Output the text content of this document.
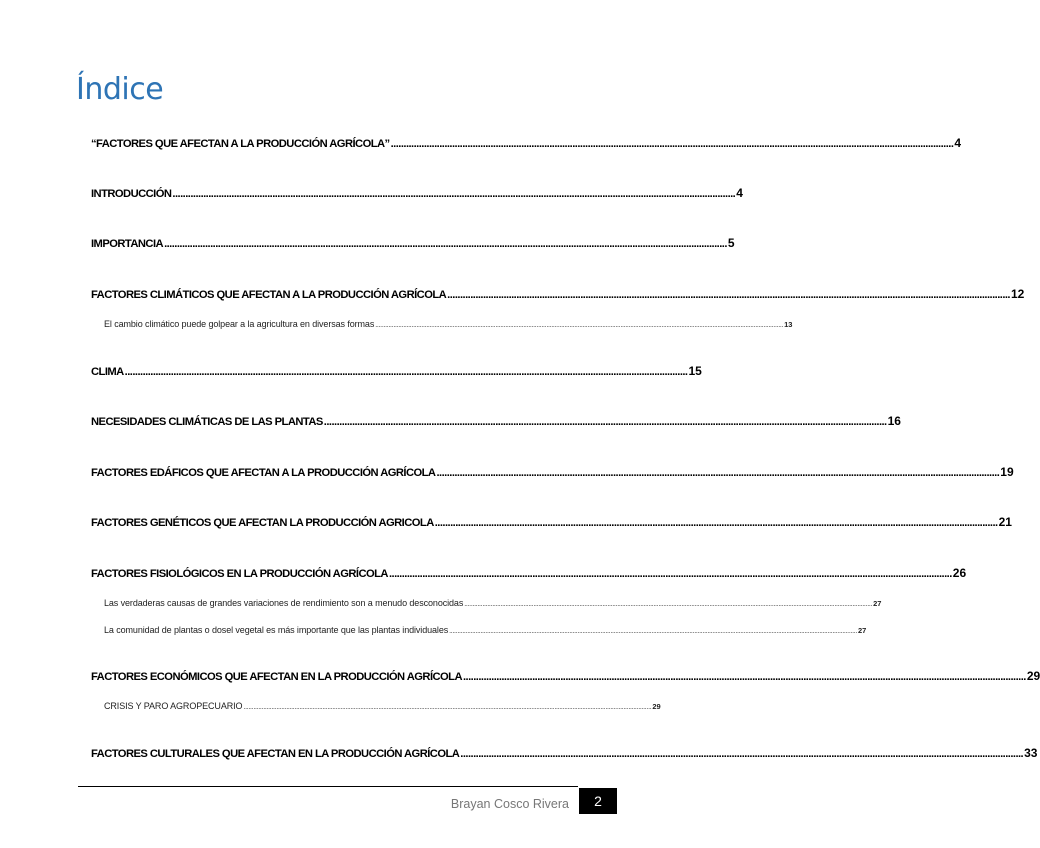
Índice
“FACTORES QUE AFECTAN A LA PRODUCCIÓN AGRÍCOLA” ............................................................................................................................................................................................................................ 4
INTRODUCCIÓN ............................................................................................................................................................................................................................ 4
IMPORTANCIA ............................................................................................................................................................................................................................ 5
FACTORES CLIMÁTICOS QUE AFECTAN A LA PRODUCCIÓN AGRÍCOLA ............................................................................................................................................................................................................................ 12
El cambio climático puede golpear a la agricultura en diversas formas ........................................................................................................................................................................................................................................................ 13
CLIMA ............................................................................................................................................................................................................................ 15
NECESIDADES CLIMÁTICAS DE LAS PLANTAS ............................................................................................................................................................................................................................ 16
FACTORES EDÁFICOS QUE AFECTAN A LA PRODUCCIÓN AGRÍCOLA ............................................................................................................................................................................................................................ 19
FACTORES GENÉTICOS QUE AFECTAN LA PRODUCCIÓN AGRICOLA ............................................................................................................................................................................................................................ 21
FACTORES FISIOLÓGICOS EN LA PRODUCCIÓN AGRÍCOLA ............................................................................................................................................................................................................................ 26
Las verdaderas causas de grandes variaciones de rendimiento son a menudo desconocidas ........................................................................................................................................................................................................................................................ 27
La comunidad de plantas o dosel vegetal es más importante que las plantas individuales ........................................................................................................................................................................................................................................................ 27
FACTORES ECONÓMICOS QUE AFECTAN EN LA PRODUCCIÓN AGRÍCOLA ............................................................................................................................................................................................................................ 29
CRISIS Y PARO AGROPECUARIO ........................................................................................................................................................................................................................................................ 29
FACTORES CULTURALES QUE AFECTAN EN LA PRODUCCIÓN AGRÍCOLA ............................................................................................................................................................................................................................ 33
Brayan Cosco Rivera 2
